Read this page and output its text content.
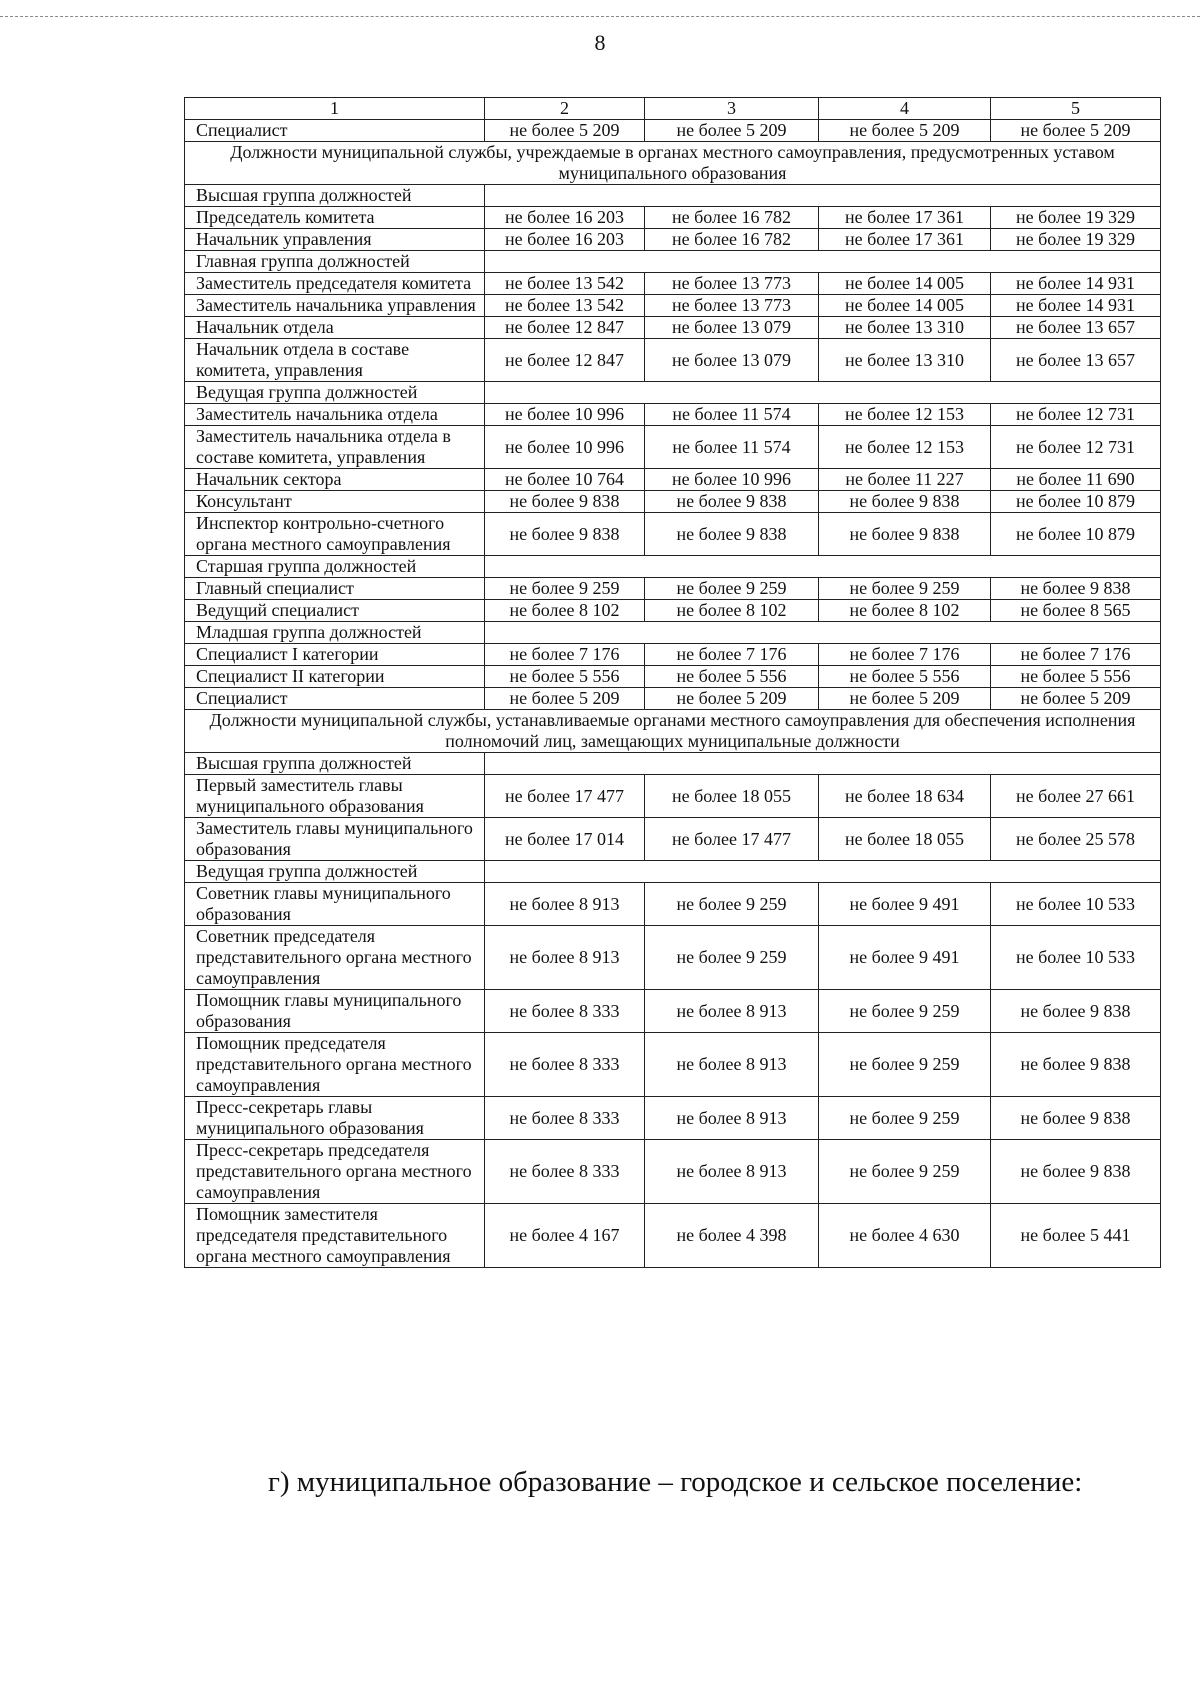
8
1	2	3	4	5
Специалист	не более 5 209	не более 5 209	не более 5 209	не более 5 209
Должности муниципальной службы, учреждаемые в органах местного самоуправления, предусмотренных уставом муниципального образования				
Высшая группа должностей				
Председатель комитета	не более 16 203	не более 16 782	не более 17 361	не более 19 329
Начальник управления	не более 16 203	не более 16 782	не более 17 361	не более 19 329
Главная группа должностей				
Заместитель председателя комитета	не более 13 542	не более 13 773	не более 14 005	не более 14 931
Заместитель начальника управления	не более 13 542	не более 13 773	не более 14 005	не более 14 931
Начальник отдела	не более 12 847	не более 13 079	не более 13 310	не более 13 657
Начальник отдела в составе комитета, управления	не более 12 847	не более 13 079	не более 13 310	не более 13 657
Ведущая группа должностей				
Заместитель начальника отдела	не более 10 996	не более 11 574	не более 12 153	не более 12 731
Заместитель начальника отдела в составе комитета, управления	не более 10 996	не более 11 574	не более 12 153	не более 12 731
Начальник сектора	не более 10 764	не более 10 996	не более 11 227	не более 11 690
Консультант	не более 9 838	не более 9 838	не более 9 838	не более 10 879
Инспектор контрольно-счетного органа местного самоуправления	не более 9 838	не более 9 838	не более 9 838	не более 10 879
Старшая группа должностей				
Главный специалист	не более 9 259	не более 9 259	не более 9 259	не более 9 838
Ведущий специалист	не более 8 102	не более 8 102	не более 8 102	не более 8 565
Младшая группа должностей				
Специалист I категории	не более 7 176	не более 7 176	не более 7 176	не более 7 176
Специалист II категории	не более 5 556	не более 5 556	не более 5 556	не более 5 556
Специалист	не более 5 209	не более 5 209	не более 5 209	не более 5 209
Должности муниципальной службы, устанавливаемые органами местного самоуправления для обеспечения исполнения полномочий лиц, замещающих муниципальные должности				
Высшая группа должностей				
Первый заместитель главы муниципального образования	не более 17 477	не более 18 055	не более 18 634	не более 27 661
Заместитель главы муниципального образования	не более 17 014	не более 17 477	не более 18 055	не более 25 578
Ведущая группа должностей				
Советник главы муниципального образования	не более 8 913	не более 9 259	не более 9 491	не более 10 533
Советник председателя представительного органа местного самоуправления	не более 8 913	не более 9 259	не более 9 491	не более 10 533
Помощник главы муниципального образования	не более 8 333	не более 8 913	не более 9 259	не более 9 838
Помощник председателя представительного органа местного самоуправления	не более 8 333	не более 8 913	не более 9 259	не более 9 838
Пресс-секретарь главы муниципального образования	не более 8 333	не более 8 913	не более 9 259	не более 9 838
Пресс-секретарь председателя представительного органа местного самоуправления	не более 8 333	не более 8 913	не более 9 259	не более 9 838
Помощник заместителя председателя представительного органа местного самоуправления	не более 4 167	не более 4 398	не более 4 630	не более 5 441
г) муниципальное образование – городское и сельское поселение:
